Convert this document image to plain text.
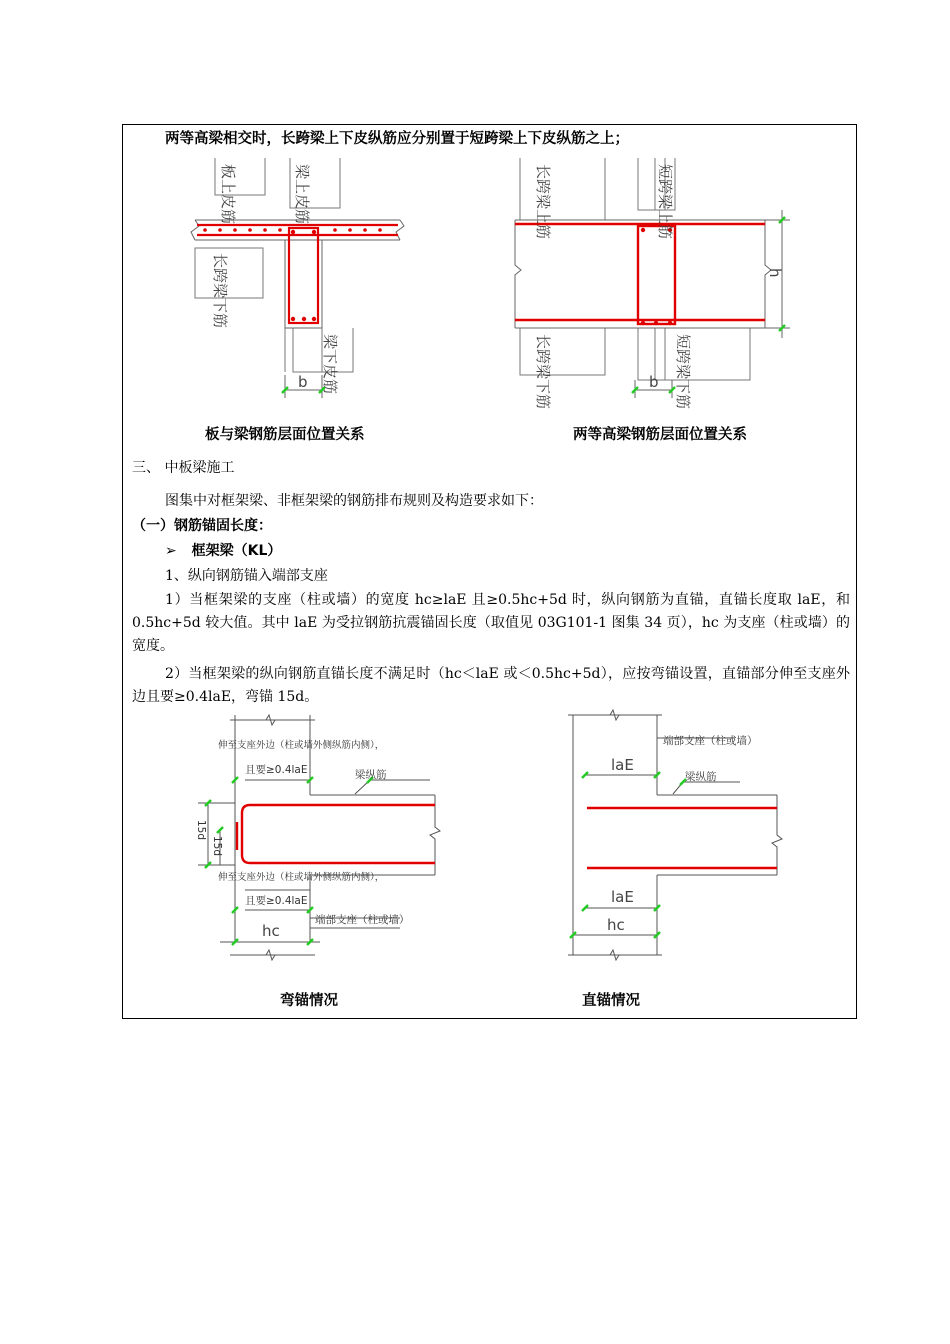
两等高梁相交时，长跨梁上下皮纵筋应分别置于短跨梁上下皮纵筋之上；
板上皮筋	梁上皮筋
长跨梁下筋
梁下皮筋
b
长跨梁上筋	短跨梁上筋
长跨梁下筋	短跨梁下筋
b
h
板与梁钢筋层面位置关系	两等高梁钢筋层面位置关系
三、 中板梁施工
图集中对框架梁、非框架梁的钢筋排布规则及构造要求如下：
（一）钢筋锚固长度：
➢ 框架梁（KL）
1、纵向钢筋锚入端部支座
1）当框架梁的支座（柱或墙）的宽度 hc≥laE 且≥0.5hc+5d 时，纵向钢筋为直锚，直锚长度取 laE，和 0.5hc+5d 较大值。其中 laE 为受拉钢筋抗震锚固长度（取值见 03G101-1 图集 34 页），hc 为支座（柱或墙）的宽度。
2）当框架梁的纵向钢筋直锚长度不满足时（hc＜laE 或＜0.5hc+5d），应按弯锚设置，直锚部分伸至支座外边且要≥0.4laE，弯锚 15d。
伸至支座外边（柱或墙外侧纵筋内侧），
且要≥0.4laE	梁纵筋
15d
15d
伸至支座外边（柱或墙外侧纵筋内侧），
且要≥0.4laE
hc
端部支座（柱或墙）
端部支座（柱或墙）
laE
梁纵筋
laE
hc
弯锚情况	直锚情况
